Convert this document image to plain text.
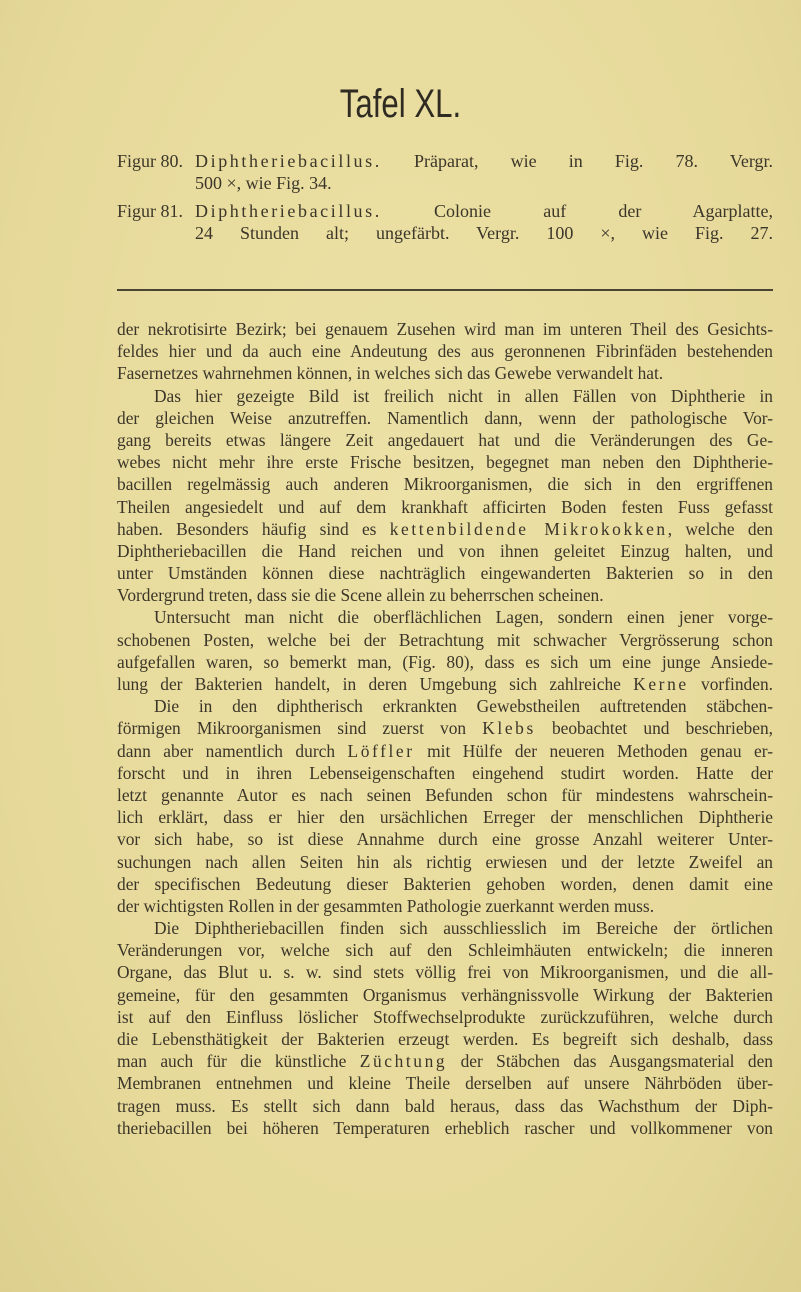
Tafel XL.
Figur 80. Diphtheriebacillus. Präparat, wie in Fig. 78. Vergr.
500 ×, wie Fig. 34.
Figur 81. Diphtheriebacillus. Colonie auf der Agarplatte,
24 Stunden alt; ungefärbt. Vergr. 100 ×, wie Fig. 27.
der nekrotisirte Bezirk; bei genauem Zusehen wird man im unteren Theil des Gesichts-
feldes hier und da auch eine Andeutung des aus geronnenen Fibrinfäden bestehenden
Fasernetzes wahrnehmen können, in welches sich das Gewebe verwandelt hat.
Das hier gezeigte Bild ist freilich nicht in allen Fällen von Diphtherie in
der gleichen Weise anzutreffen. Namentlich dann, wenn der pathologische Vor-
gang bereits etwas längere Zeit angedauert hat und die Veränderungen des Ge-
webes nicht mehr ihre erste Frische besitzen, begegnet man neben den Diphtherie-
bacillen regelmässig auch anderen Mikroorganismen, die sich in den ergriffenen
Theilen angesiedelt und auf dem krankhaft afficirten Boden festen Fuss gefasst
haben. Besonders häufig sind es kettenbildende Mikrokokken, welche den
Diphtheriebacillen die Hand reichen und von ihnen geleitet Einzug halten, und
unter Umständen können diese nachträglich eingewanderten Bakterien so in den
Vordergrund treten, dass sie die Scene allein zu beherrschen scheinen.
Untersucht man nicht die oberflächlichen Lagen, sondern einen jener vorge-
schobenen Posten, welche bei der Betrachtung mit schwacher Vergrösserung schon
aufgefallen waren, so bemerkt man, (Fig. 80), dass es sich um eine junge Ansiede-
lung der Bakterien handelt, in deren Umgebung sich zahlreiche Kerne vorfinden.
Die in den diphtherisch erkrankten Gewebstheilen auftretenden stäbchen-
förmigen Mikroorganismen sind zuerst von Klebs beobachtet und beschrieben,
dann aber namentlich durch Löffler mit Hülfe der neueren Methoden genau er-
forscht und in ihren Lebenseigenschaften eingehend studirt worden. Hatte der
letzt genannte Autor es nach seinen Befunden schon für mindestens wahrschein-
lich erklärt, dass er hier den ursächlichen Erreger der menschlichen Diphtherie
vor sich habe, so ist diese Annahme durch eine grosse Anzahl weiterer Unter-
suchungen nach allen Seiten hin als richtig erwiesen und der letzte Zweifel an
der specifischen Bedeutung dieser Bakterien gehoben worden, denen damit eine
der wichtigsten Rollen in der gesammten Pathologie zuerkannt werden muss.
Die Diphtheriebacillen finden sich ausschliesslich im Bereiche der örtlichen
Veränderungen vor, welche sich auf den Schleimhäuten entwickeln; die inneren
Organe, das Blut u. s. w. sind stets völlig frei von Mikroorganismen, und die all-
gemeine, für den gesammten Organismus verhängnissvolle Wirkung der Bakterien
ist auf den Einfluss löslicher Stoffwechselprodukte zurückzuführen, welche durch
die Lebensthätigkeit der Bakterien erzeugt werden. Es begreift sich deshalb, dass
man auch für die künstliche Züchtung der Stäbchen das Ausgangsmaterial den
Membranen entnehmen und kleine Theile derselben auf unsere Nährböden über-
tragen muss. Es stellt sich dann bald heraus, dass das Wachsthum der Diph-
theriebacillen bei höheren Temperaturen erheblich rascher und vollkommener von
